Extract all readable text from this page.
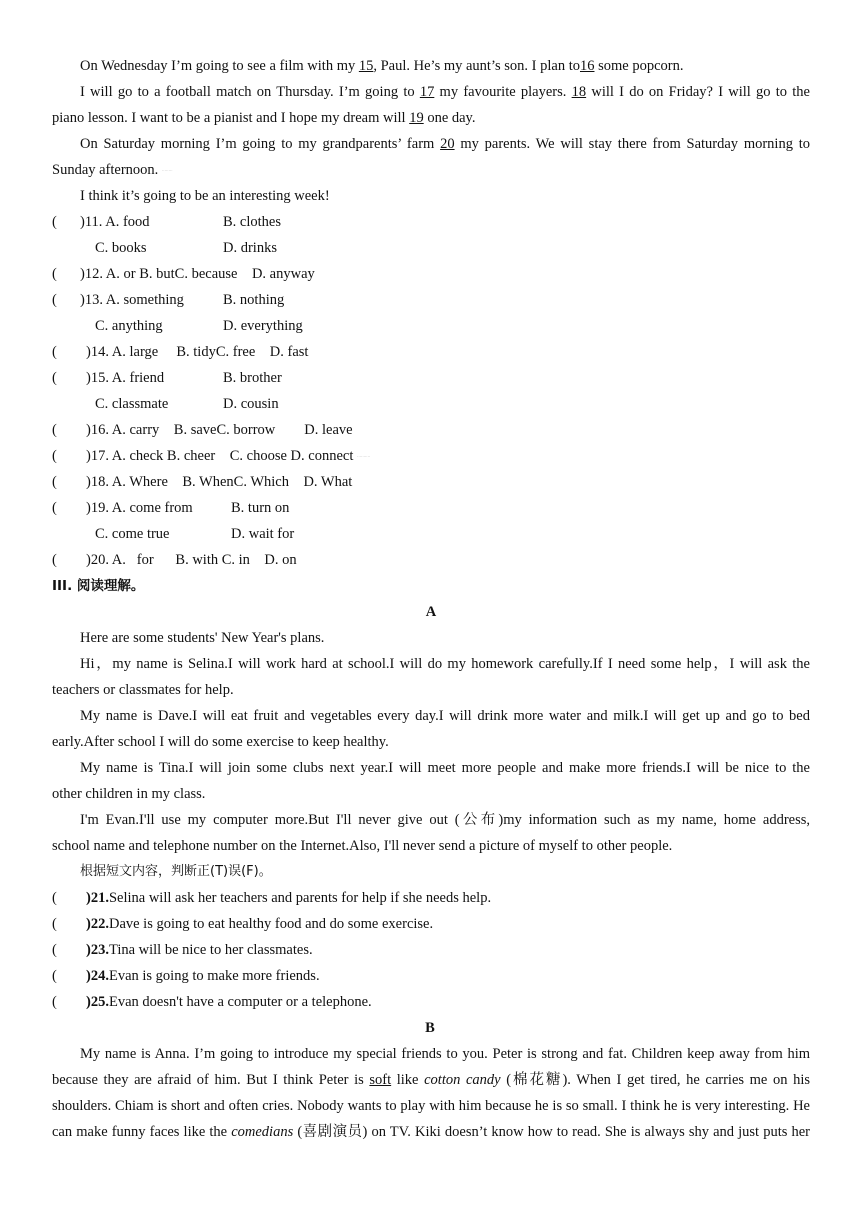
On Wednesday I’m going to see a film with my 15, Paul. He’s my aunt’s son. I plan to16 some popcorn.
I will go to a football match on Thursday. I’m going to 17 my favourite players. 18 will I do on Friday? I will go to the
piano lesson. I want to be a pianist and I hope my dream will 19 one day.
On Saturday morning I’m going to my grandparents’ farm 20 my parents. We will stay there from Saturday morning to
Sunday afternoon. ········
I think it’s going to be an interesting week!
( )11. A. food	B. clothes
C. books	D. drinks
( )12. A. or B. butC. because    D. anyway
( )13. A. something	B. nothing
C. anything	D. everything
( )14. A. large     B. tidyC. free    D. fast
( )15. A. friend	B. brother
C. classmate	D. cousin
( )16. A. carry    B. saveC. borrow        D. leave
( )17. A. check B. cheer    C. choose D. connect ··········
( )18. A. Where    B. WhenC. Which    D. What
( )19. A. come from	B. turn on
C. come true	D. wait for
( )20. A.   for      B. with C. in    D. on
III. 阅读理解。
A
Here are some students' New Year's plans.
Hi，my name is Selina.I will work hard at school.I will do my homework carefully.If I need some help，I will ask the
teachers or classmates for help.
My name is Dave.I will eat fruit and vegetables every day.I will drink more water and milk.I will get up and go to bed
early.After school I will do some exercise to keep healthy.
My name is Tina.I will join some clubs next year.I will meet more people and make more friends.I will be nice to the
other children in my class.
I'm Evan.I'll use my computer more.But I'll never give out (公布)my information such as my name, home address,
school name and telephone number on the Internet.Also, I'll never send a picture of myself to other people.
根据短文内容，判断正(T)误(F)。
( )21.Selina will ask her teachers and parents for help if she needs help.
( )22.Dave is going to eat healthy food and do some exercise.
( )23.Tina will be nice to her classmates.
( )24.Evan is going to make more friends.
( )25.Evan doesn't have a computer or a telephone.
B
My name is Anna. I’m going to introduce my special friends to you. Peter is strong and fat. Children keep away from him
because they are afraid of him. But I think Peter is soft like cotton candy (棉花糖). When I get tired, he carries me on his
shoulders. Chiam is short and often cries. Nobody wants to play with him because he is so small. I think he is very interesting. He
can make funny faces like the comedians (喜剧演员) on TV. Kiki doesn’t know how to read. She is always shy and just puts her
